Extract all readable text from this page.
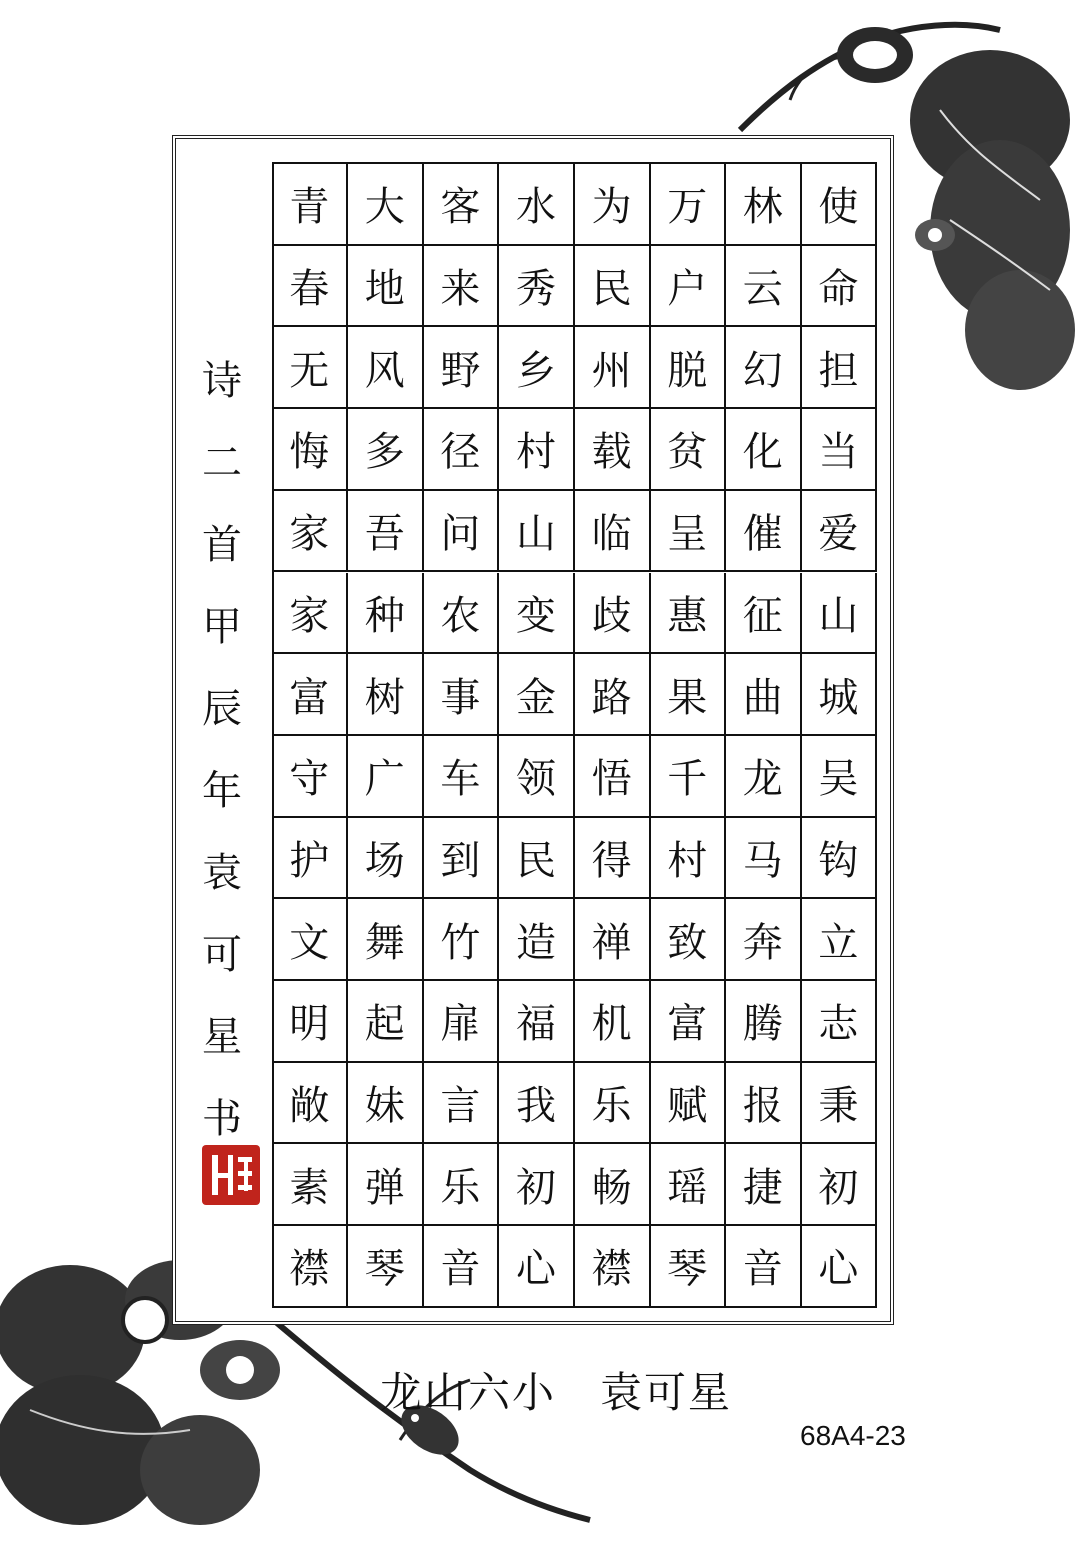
使
命
担
当
爱
山
城
吴
钩
立
志
秉
初
心
林
云
幻
化
催
征
曲
龙
马
奔
腾
报
捷
音
万
户
脱
贫
呈
惠
果
千
村
致
富
赋
瑶
琴
为
民
州
载
临
歧
路
悟
得
禅
机
乐
畅
襟
水
秀
乡
村
山
变
金
领
民
造
福
我
初
心
客
来
野
径
问
农
事
车
到
竹
扉
言
乐
音
大
地
风
多
吾
种
树
广
场
舞
起
妹
弹
琴
青
春
无
悔
家
家
富
守
护
文
明
敞
素
襟
诗
二
首
甲
辰
年
袁
可
星
书
龙山六小　袁可星
68A4-23
